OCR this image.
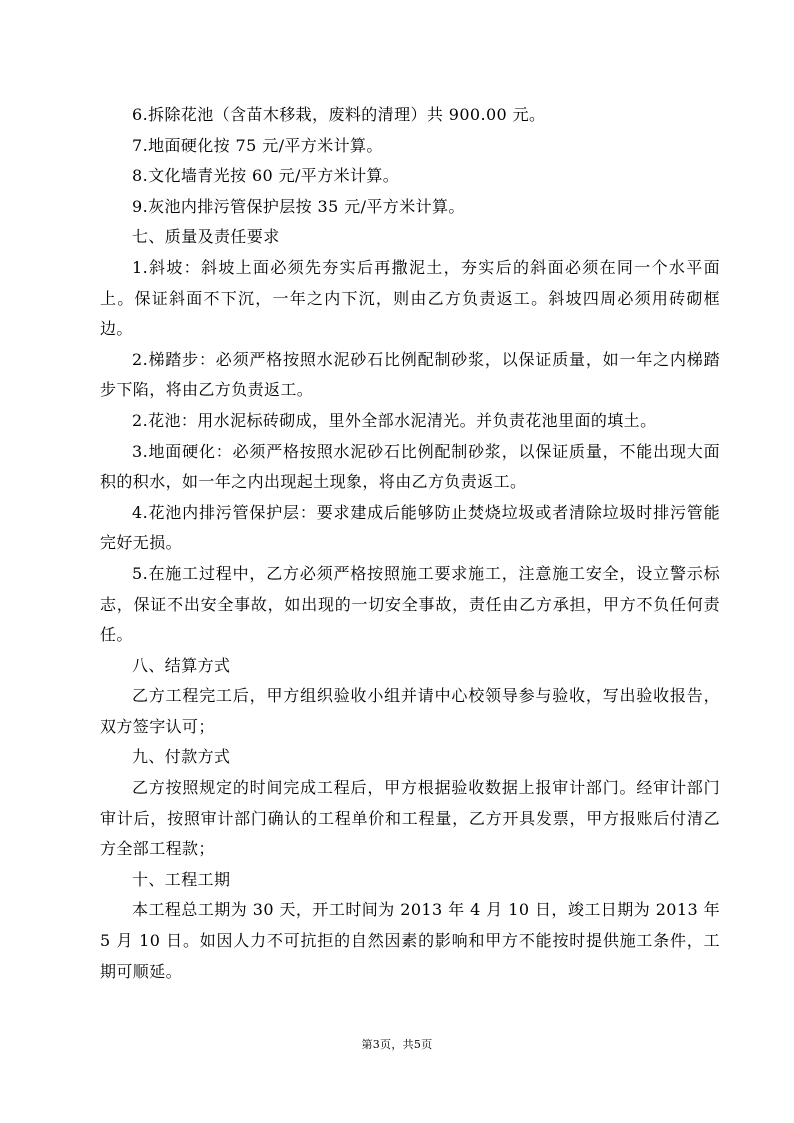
6.拆除花池（含苗木移栽，废料的清理）共 900.00 元。

7.地面硬化按 75 元/平方米计算。

8.文化墙青光按 60 元/平方米计算。

9.灰池内排污管保护层按 35 元/平方米计算。

七、质量及责任要求

1.斜坡：斜坡上面必须先夯实后再撒泥土，夯实后的斜面必须在同一个水平面上。保证斜面不下沉，一年之内下沉，则由乙方负责返工。斜坡四周必须用砖砌框边。

2.梯踏步：必须严格按照水泥砂石比例配制砂浆，以保证质量，如一年之内梯踏步下陷，将由乙方负责返工。

2.花池：用水泥标砖砌成，里外全部水泥清光。并负责花池里面的填土。

3.地面硬化：必须严格按照水泥砂石比例配制砂浆，以保证质量，不能出现大面积的积水，如一年之内出现起土现象，将由乙方负责返工。

4.花池内排污管保护层：要求建成后能够防止焚烧垃圾或者清除垃圾时排污管能完好无损。

5.在施工过程中，乙方必须严格按照施工要求施工，注意施工安全，设立警示标志，保证不出安全事故，如出现的一切安全事故，责任由乙方承担，甲方不负任何责任。

八、结算方式

乙方工程完工后，甲方组织验收小组并请中心校领导参与验收，写出验收报告，双方签字认可；

九、付款方式

乙方按照规定的时间完成工程后，甲方根据验收数据上报审计部门。经审计部门审计后，按照审计部门确认的工程单价和工程量，乙方开具发票，甲方报账后付清乙方全部工程款；

十、工程工期

本工程总工期为 30 天，开工时间为 2013 年 4 月 10 日，竣工日期为 2013 年 5 月 10 日。如因人力不可抗拒的自然因素的影响和甲方不能按时提供施工条件，工期可顺延。

第3页，共5页
